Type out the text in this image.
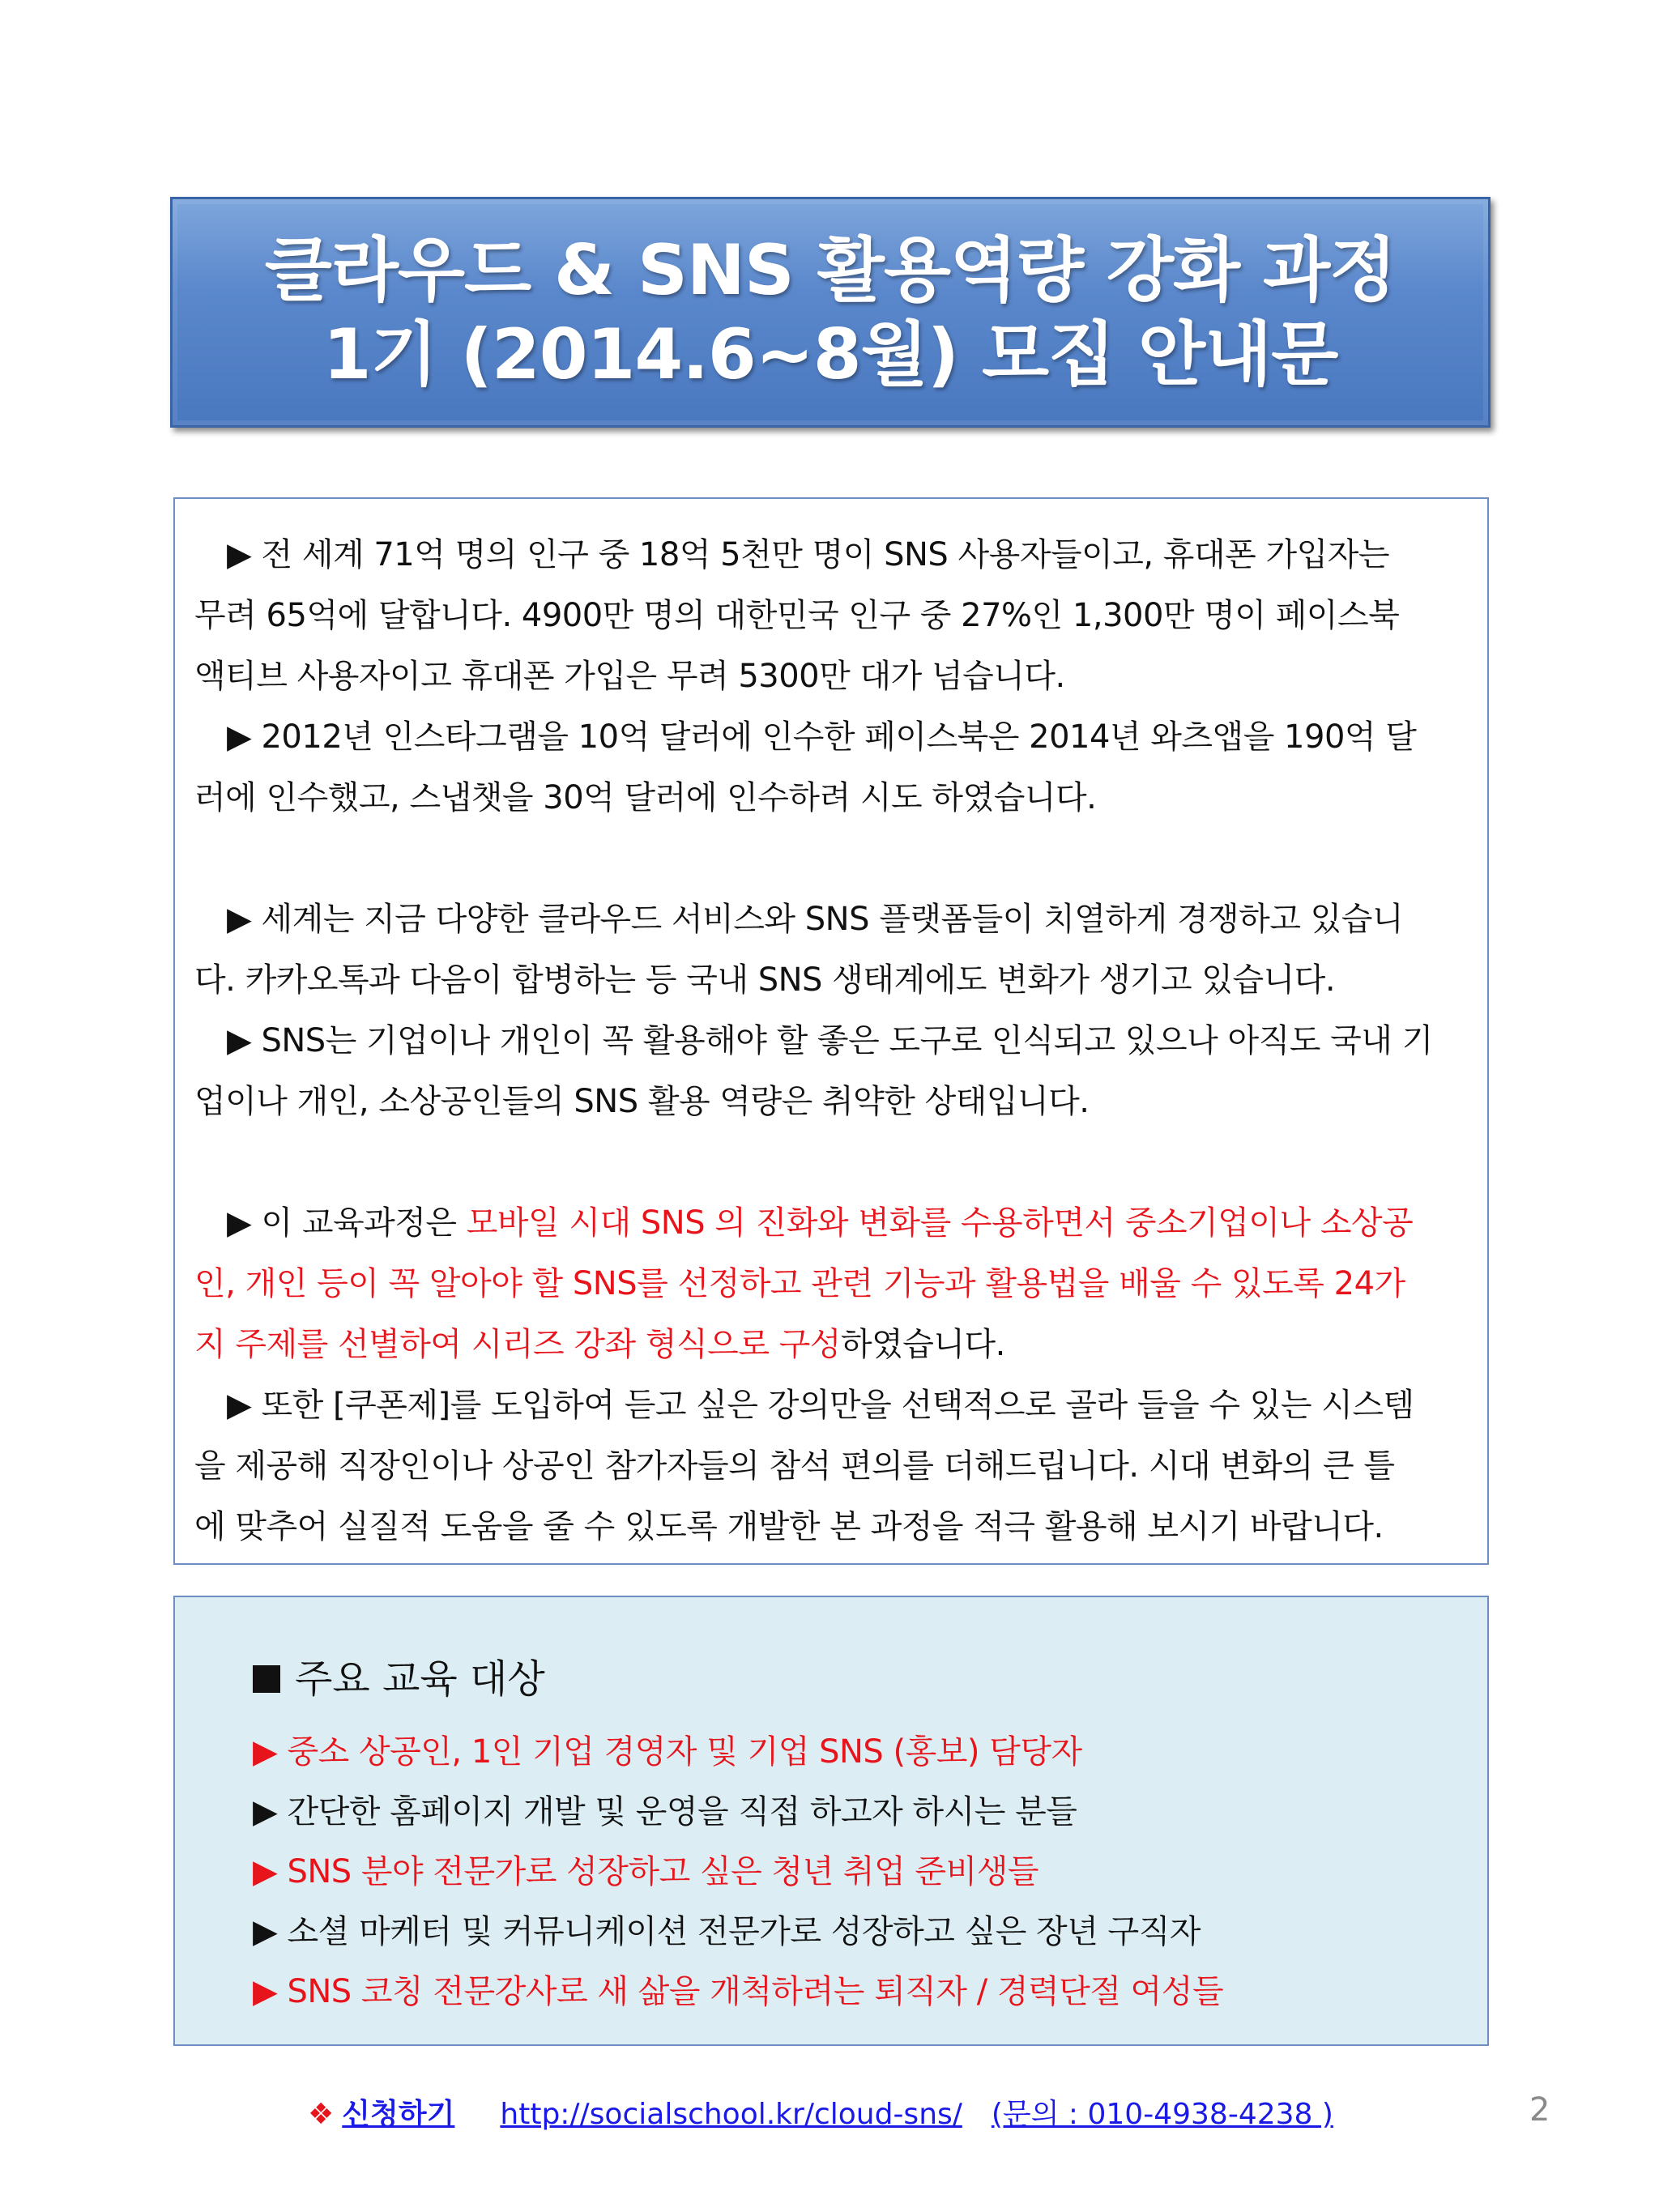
클라우드 & SNS 활용역량 강화 과정
1기 (2014.6~8월) 모집 안내문

▶ 전 세계 71억 명의 인구 중 18억 5천만 명이 SNS 사용자들이고, 휴대폰 가입자는
무려 65억에 달합니다. 4900만 명의 대한민국 인구 중 27%인 1,300만 명이 페이스북
액티브 사용자이고 휴대폰 가입은 무려 5300만 대가 넘습니다.

▶ 2012년 인스타그램을 10억 달러에 인수한 페이스북은 2014년 와츠앱을 190억 달
러에 인수했고, 스냅챗을 30억 달러에 인수하려 시도 하였습니다.

▶ 세계는 지금 다양한 클라우드 서비스와 SNS 플랫폼들이 치열하게 경쟁하고 있습니
다. 카카오톡과 다음이 합병하는 등 국내 SNS 생태계에도 변화가 생기고 있습니다.

▶ SNS는 기업이나 개인이 꼭 활용해야 할 좋은 도구로 인식되고 있으나 아직도 국내 기
업이나 개인, 소상공인들의 SNS 활용 역량은 취약한 상태입니다.

▶ 이 교육과정은 모바일 시대 SNS 의 진화와 변화를 수용하면서 중소기업이나 소상공
인, 개인 등이 꼭 알아야 할 SNS를 선정하고 관련 기능과 활용법을 배울 수 있도록 24가
지 주제를 선별하여 시리즈 강좌 형식으로 구성하였습니다.

▶ 또한 [쿠폰제]를 도입하여 듣고 싶은 강의만을 선택적으로 골라 들을 수 있는 시스템
을 제공해 직장인이나 상공인 참가자들의 참석 편의를 더해드립니다. 시대 변화의 큰 틀
에 맞추어 실질적 도움을 줄 수 있도록 개발한 본 과정을 적극 활용해 보시기 바랍니다.

주요 교육 대상
▶ 중소 상공인, 1인 기업 경영자 및 기업 SNS (홍보) 담당자
▶ 간단한 홈페이지 개발 및 운영을 직접 하고자 하시는 분들
▶ SNS 분야 전문가로 성장하고 싶은 청년 취업 준비생들
▶ 소셜 마케터 및 커뮤니케이션 전문가로 성장하고 싶은 장년 구직자
▶ SNS 코칭 전문강사로 새 삶을 개척하려는 퇴직자 / 경력단절 여성들
❖ 신청하기 http://socialschool.kr/cloud-sns/ (문의 : 010-4938-4238 )	2
